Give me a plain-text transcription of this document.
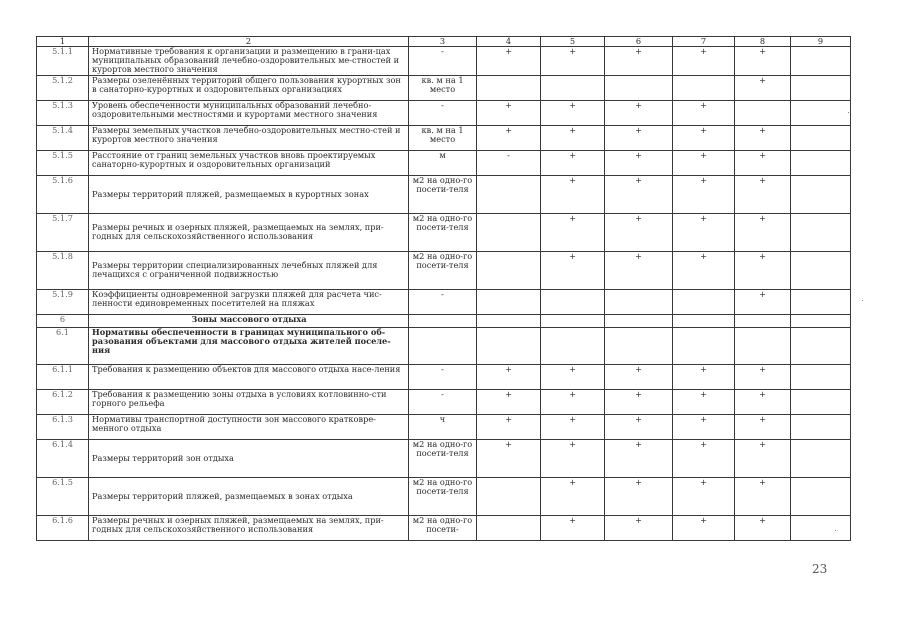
1	2	3	4	5	6	7	8	9
5.1.1	Нормативные требования к организации и размещению в грани-цах муниципальных образований лечебно-оздоровительных ме-стностей и курортов местного значения	-	+	+	+	+	+	
5.1.2	Размеры озеленённых территорий общего пользования курортных зон в санаторно-курортных и оздоровительных организациях	кв. м на 1 место					+	
5.1.3	Уровень обеспеченности муниципальных образований лечебно-оздоровительными местностями и курортами местного значения	-	+	+	+	+		
5.1.4	Размеры земельных участков лечебно-оздоровительных местно-стей и курортов местного значения	кв. м на 1 место	+	+	+	+	+	
5.1.5	Расстояние от границ земельных участков вновь проектируемых санаторно-курортных и оздоровительных организаций	м	-	+	+	+	+	
5.1.6	Размеры территорий пляжей, размещаемых в курортных зонах	м2 на одно-го посети-теля		+	+	+	+	
5.1.7	Размеры речных и озерных пляжей, размещаемых на землях, при-годных для сельскохозяйственного использования	м2 на одно-го посети-теля		+	+	+	+	
5.1.8	Размеры территории специализированных лечебных пляжей для лечащихся с ограниченной подвижностью	м2 на одно-го посети-теля		+	+	+	+	
5.1.9	Коэффициенты одновременной загрузки пляжей для расчета чис-ленности единовременных посетителей на пляжах	-					+	
6	Зоны массового отдыха							
6.1	Нормативы обеспеченности в границах муниципального об-разования объектами для массового отдыха жителей поселе-ния							
6.1.1	Требования к размещению объектов для массового отдыха насе-ления	-	+	+	+	+	+	
6.1.2	Требования к размещению зоны отдыха в условиях котловинно-сти горного рельефа	-	+	+	+	+	+	
6.1.3	Нормативы транспортной доступности зон массового кратковре-менного отдыха	ч	+	+	+	+	+	
6.1.4	Размеры территорий зон отдыха	м2 на одно-го посети-теля	+	+	+	+	+	
6.1.5	Размеры территорий пляжей, размещаемых в зонах отдыха	м2 на одно-го посети-теля		+	+	+	+	
6.1.6	Размеры речных и озерных пляжей, размещаемых на землях, при-годных для сельскохозяйственного использования	м2 на одно-го посети-		+	+	+	+	
23
